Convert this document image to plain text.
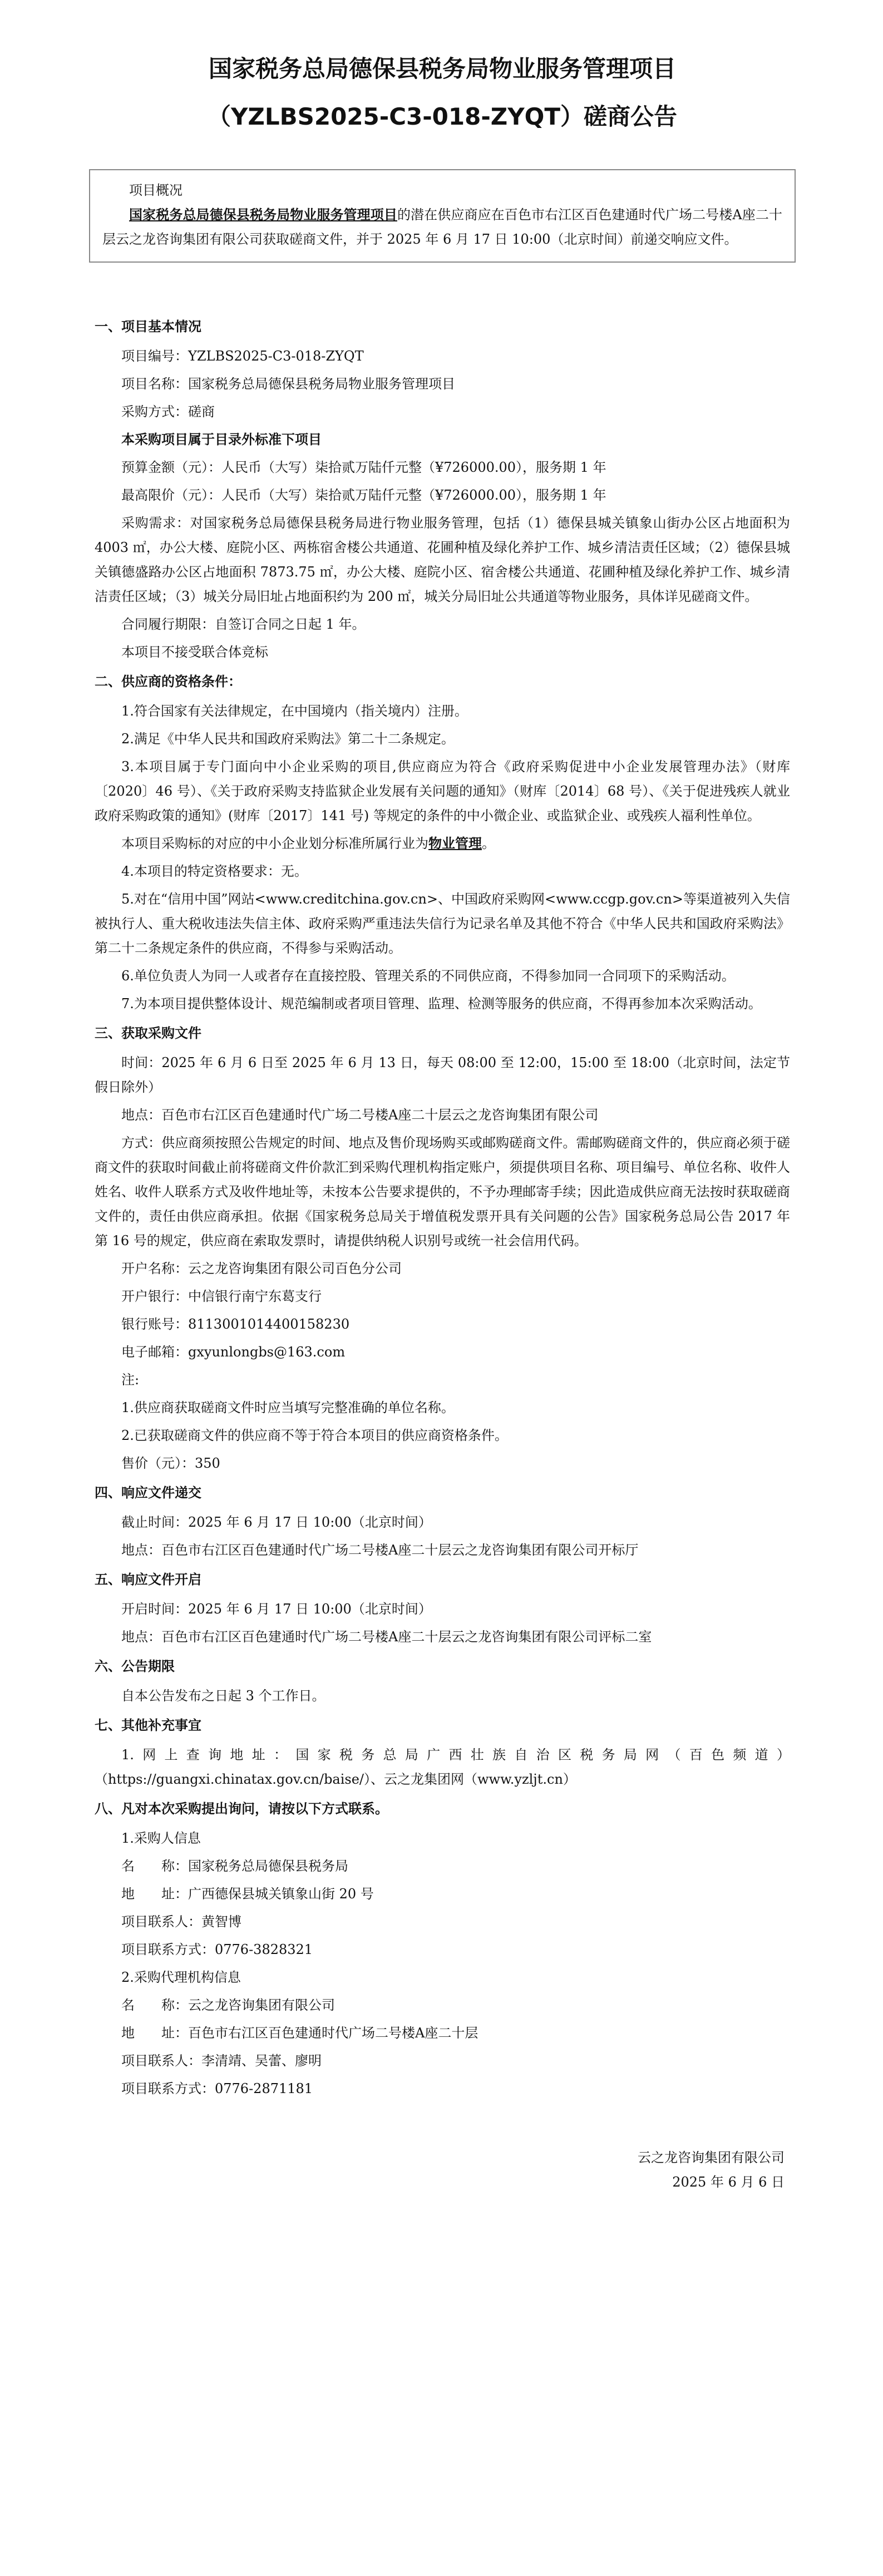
国家税务总局德保县税务局物业服务管理项目
（YZLBS2025-C3-018-ZYQT）磋商公告
项目概况
国家税务总局德保县税务局物业服务管理项目的潜在供应商应在百色市右江区百色建通时代广场二号楼A座二十层云之龙咨询集团有限公司获取磋商文件，并于 2025 年 6 月 17 日 10:00（北京时间）前递交响应文件。
一、项目基本情况
项目编号：YZLBS2025-C3-018-ZYQT
项目名称：国家税务总局德保县税务局物业服务管理项目
采购方式：磋商
本采购项目属于目录外标准下项目
预算金额（元）：人民币（大写）柒拾贰万陆仟元整（¥726000.00），服务期 1 年
最高限价（元）：人民币（大写）柒拾贰万陆仟元整（¥726000.00），服务期 1 年
采购需求：对国家税务总局德保县税务局进行物业服务管理，包括（1）德保县城关镇象山街办公区占地面积为 4003 ㎡，办公大楼、庭院小区、两栋宿舍楼公共通道、花圃种植及绿化养护工作、城乡清洁责任区域；（2）德保县城关镇德盛路办公区占地面积 7873.75 ㎡，办公大楼、庭院小区、宿舍楼公共通道、花圃种植及绿化养护工作、城乡清洁责任区域；（3）城关分局旧址占地面积约为 200 ㎡，城关分局旧址公共通道等物业服务，具体详见磋商文件。
合同履行期限：自签订合同之日起 1 年。
本项目不接受联合体竞标
二、供应商的资格条件：
1.符合国家有关法律规定，在中国境内（指关境内）注册。
2.满足《中华人民共和国政府采购法》第二十二条规定。
3.本项目属于专门面向中小企业采购的项目,供应商应为符合《政府采购促进中小企业发展管理办法》（财库〔2020〕46 号）、《关于政府采购支持监狱企业发展有关问题的通知》（财库〔2014〕68 号）、《关于促进残疾人就业政府采购政策的通知》(财库〔2017〕141 号) 等规定的条件的中小微企业、或监狱企业、或残疾人福利性单位。
本项目采购标的对应的中小企业划分标准所属行业为物业管理。
4.本项目的特定资格要求：无。
5.对在“信用中国”网站<www.creditchina.gov.cn>、中国政府采购网<www.ccgp.gov.cn>等渠道被列入失信被执行人、重大税收违法失信主体、政府采购严重违法失信行为记录名单及其他不符合《中华人民共和国政府采购法》第二十二条规定条件的供应商，不得参与采购活动。
6.单位负责人为同一人或者存在直接控股、管理关系的不同供应商，不得参加同一合同项下的采购活动。
7.为本项目提供整体设计、规范编制或者项目管理、监理、检测等服务的供应商，不得再参加本次采购活动。
三、获取采购文件
时间：2025 年 6 月 6 日至 2025 年 6 月 13 日，每天 08:00 至 12:00，15:00 至 18:00（北京时间，法定节假日除外）
地点：百色市右江区百色建通时代广场二号楼A座二十层云之龙咨询集团有限公司
方式：供应商须按照公告规定的时间、地点及售价现场购买或邮购磋商文件。需邮购磋商文件的，供应商必须于磋商文件的获取时间截止前将磋商文件价款汇到采购代理机构指定账户，须提供项目名称、项目编号、单位名称、收件人姓名、收件人联系方式及收件地址等，未按本公告要求提供的，不予办理邮寄手续；因此造成供应商无法按时获取磋商文件的，责任由供应商承担。依据《国家税务总局关于增值税发票开具有关问题的公告》国家税务总局公告 2017 年第 16 号的规定，供应商在索取发票时，请提供纳税人识别号或统一社会信用代码。
开户名称：云之龙咨询集团有限公司百色分公司
开户银行：中信银行南宁东葛支行
银行账号：8113001014400158230
电子邮箱：gxyunlongbs@163.com
注:
1.供应商获取磋商文件时应当填写完整准确的单位名称。
2.已获取磋商文件的供应商不等于符合本项目的供应商资格条件。
售价（元）：350
四、响应文件递交
截止时间：2025 年 6 月 17 日 10:00（北京时间）
地点：百色市右江区百色建通时代广场二号楼A座二十层云之龙咨询集团有限公司开标厅
五、响应文件开启
开启时间：2025 年 6 月 17 日 10:00（北京时间）
地点：百色市右江区百色建通时代广场二号楼A座二十层云之龙咨询集团有限公司评标二室
六、公告期限
自本公告发布之日起 3 个工作日。
七、其他补充事宜
1.网上查询地址：国家税务总局广西壮族自治区税务局网（百色频道）（https://guangxi.chinatax.gov.cn/baise/）、云之龙集团网（www.yzljt.cn）
八、凡对本次采购提出询问，请按以下方式联系。
1.采购人信息
名　　称：国家税务总局德保县税务局
地　　址：广西德保县城关镇象山街 20 号
项目联系人：黄智博
项目联系方式：0776-3828321
2.采购代理机构信息
名　　称：云之龙咨询集团有限公司
地　　址：百色市右江区百色建通时代广场二号楼A座二十层
项目联系人：李清靖、吴蕾、廖明
项目联系方式：0776-2871181
云之龙咨询集团有限公司
2025 年 6 月 6 日
